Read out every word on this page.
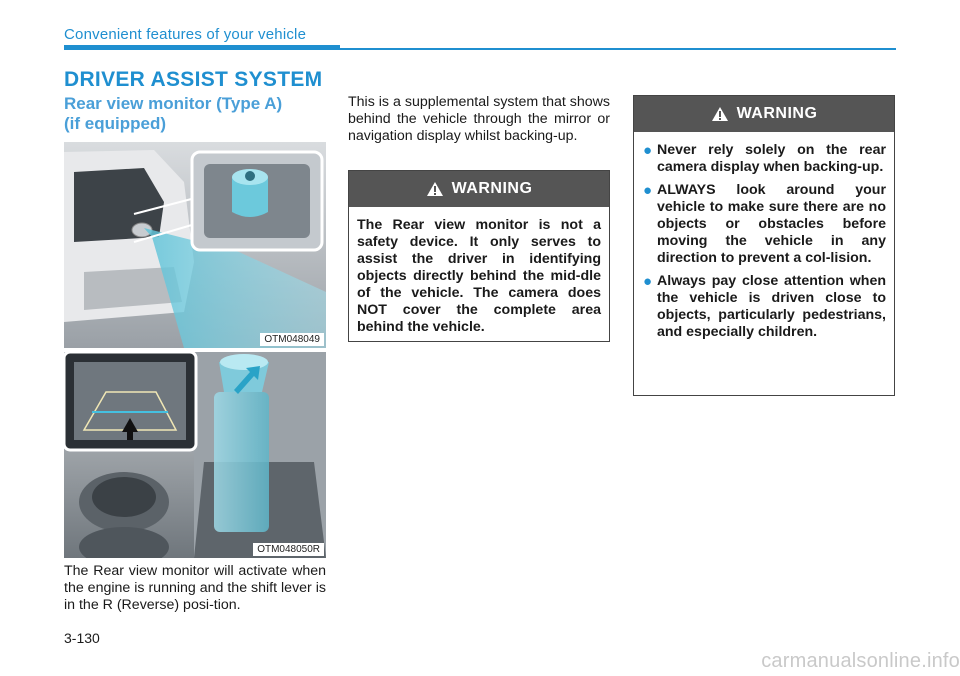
Convenient features of your vehicle
DRIVER ASSIST SYSTEM
Rear view monitor (Type A)
(if equipped)
OTM048049
OTM048050R
The Rear view monitor will activate when the engine is running and the shift lever is in the R (Reverse) posi-tion.
This is a supplemental system that shows behind the vehicle through the mirror or navigation display whilst backing-up.
WARNING
The Rear view monitor is not a safety device. It only serves to assist the driver in identifying objects directly behind the mid-dle of the vehicle. The camera does NOT cover the complete area behind the vehicle.
WARNING
● Never rely solely on the rear camera display when backing-up.
● ALWAYS look around your vehicle to make sure there are no objects or obstacles before moving the vehicle in any direction to prevent a col-lision.
● Always pay close attention when the vehicle is driven close to objects, particularly pedestrians, and especially children.
3-130
carmanualsonline.info
